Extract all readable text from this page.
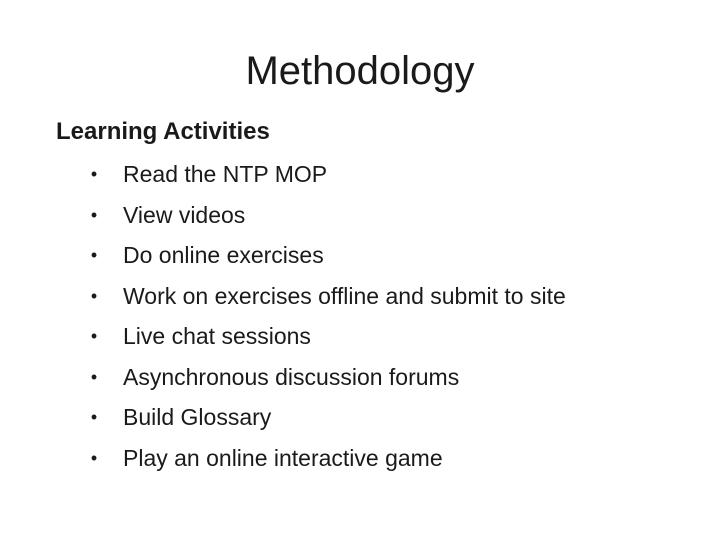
Methodology
Learning Activities
• Read the NTP MOP
• View videos
• Do online exercises
• Work on exercises offline and submit to site
• Live chat sessions
• Asynchronous discussion forums
• Build Glossary
• Play an online interactive game
